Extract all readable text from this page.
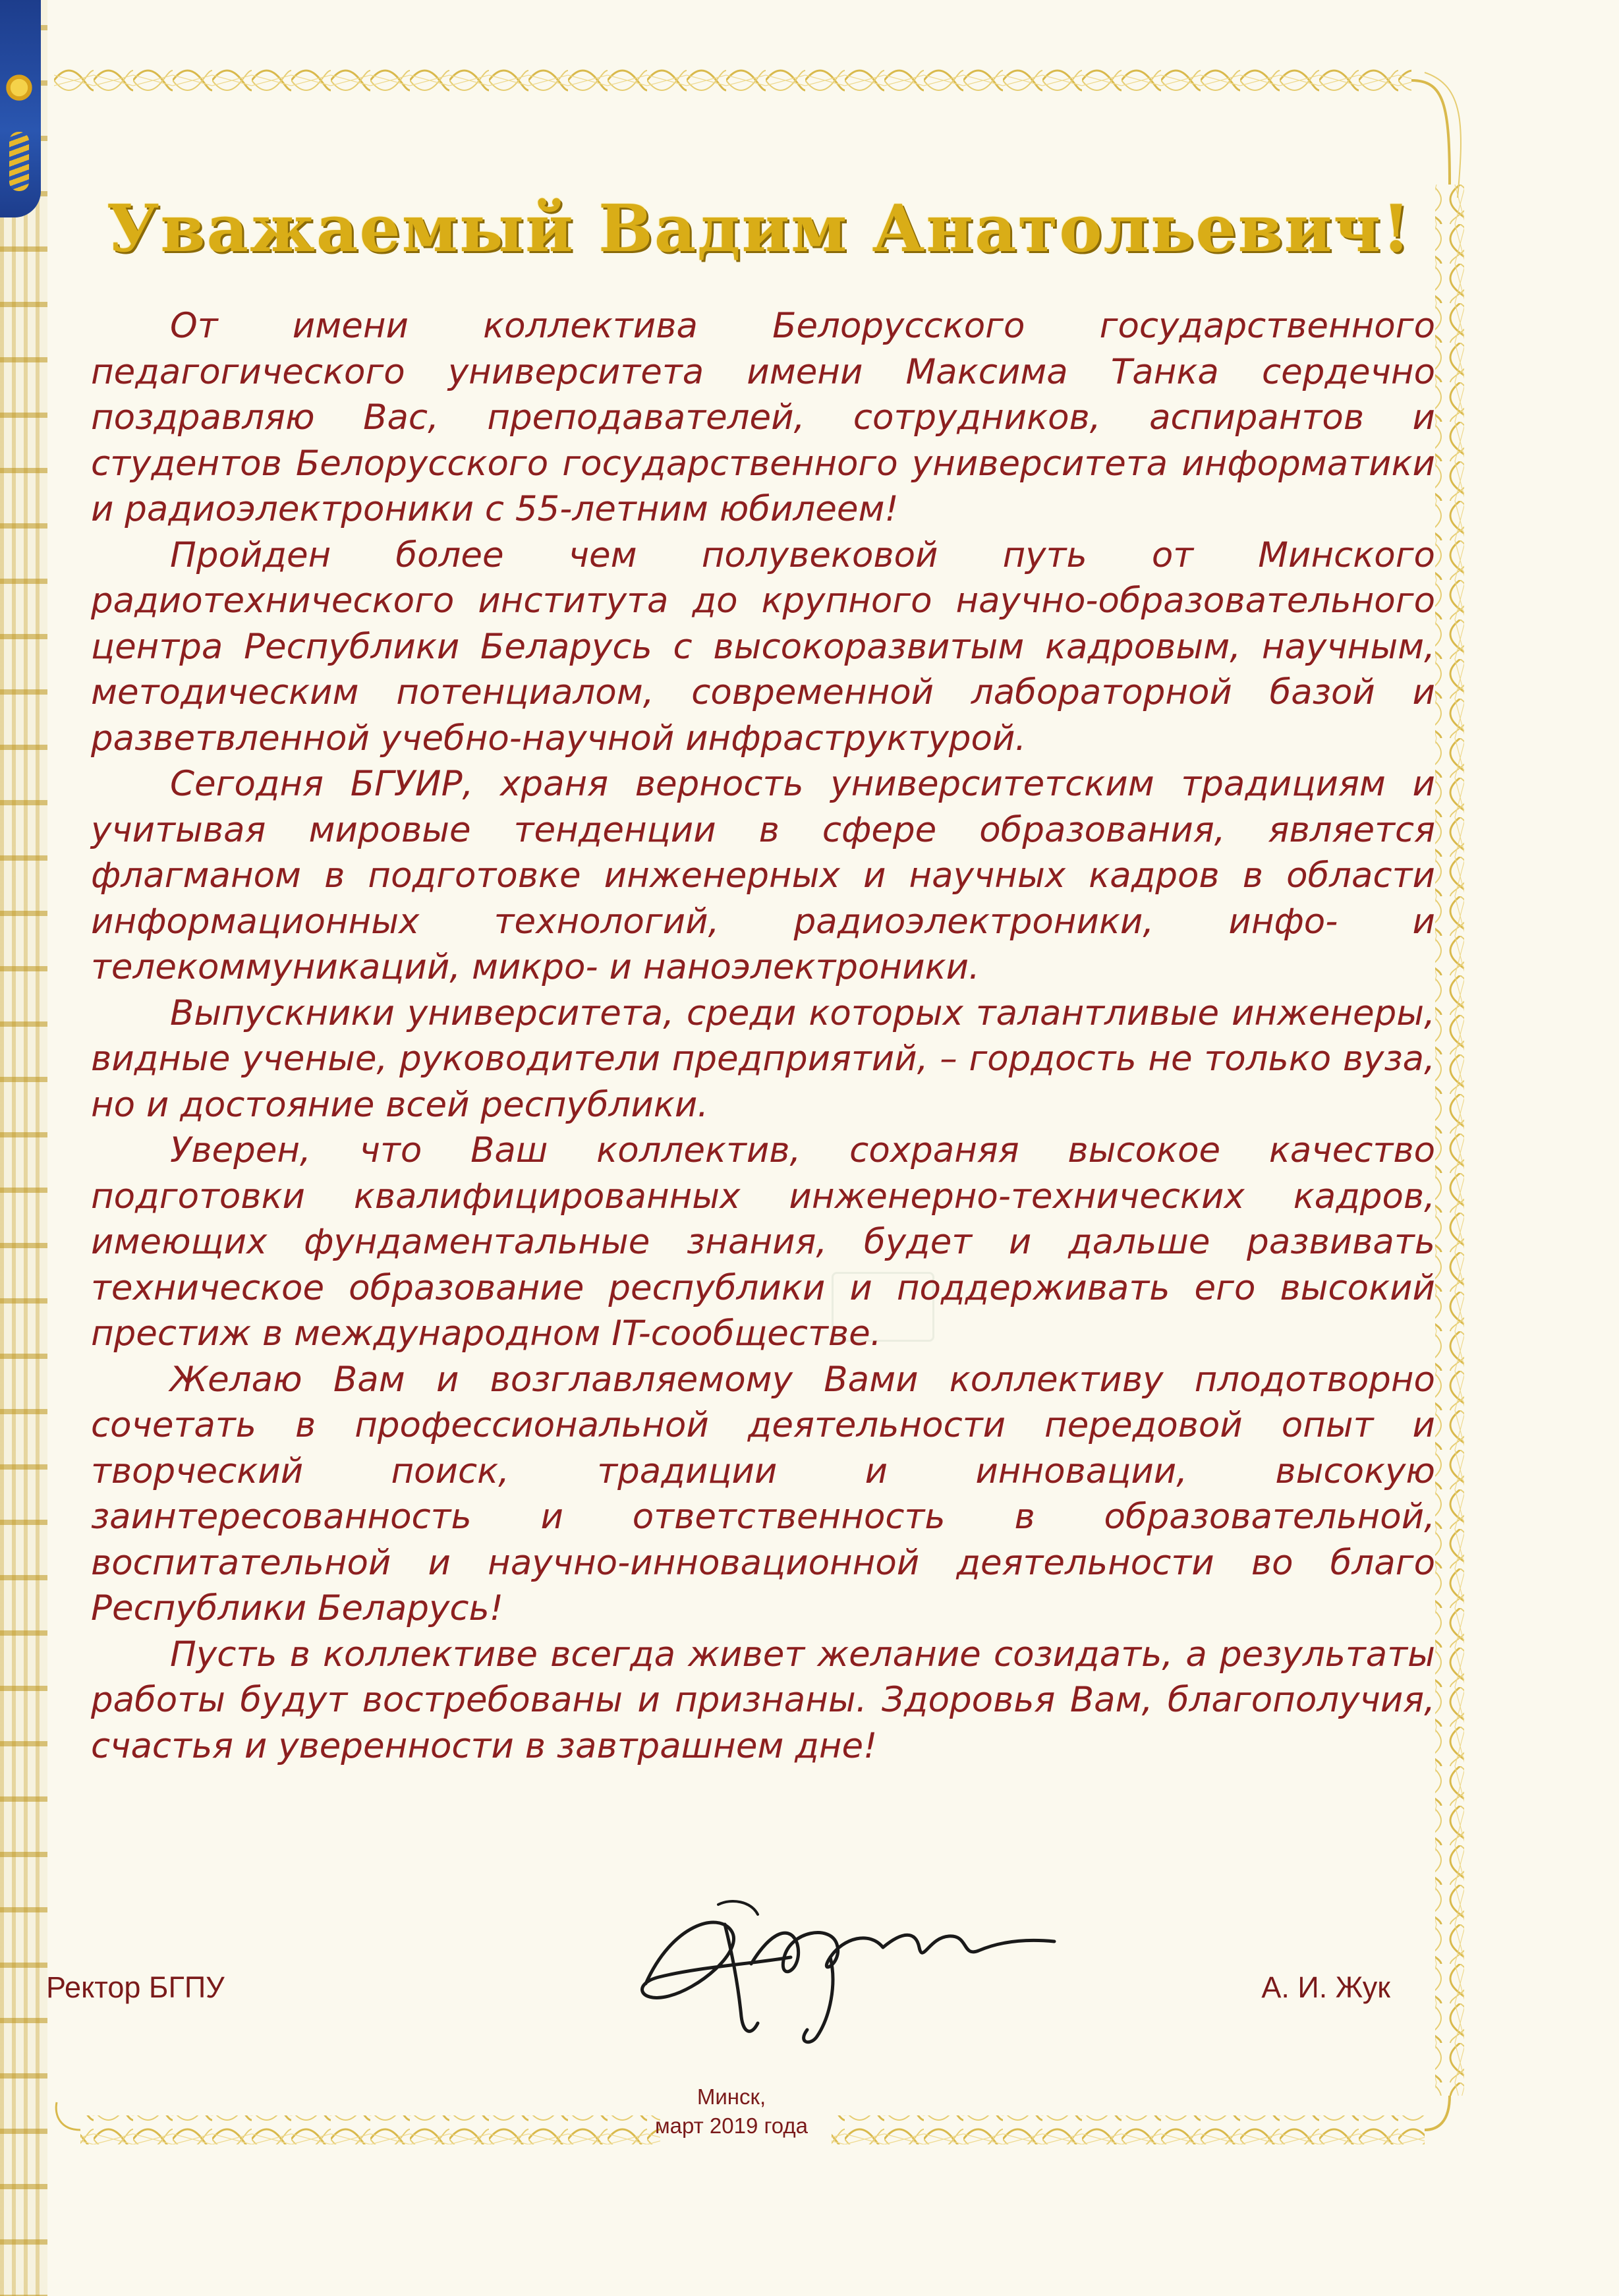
Уважаемый Вадим Анатольевич!

От имени коллектива Белорусского государственного педагогического университета имени Максима Танка сердечно поздравляю Вас, преподавателей, сотрудников, аспирантов и студентов Белорусского государственного университета информатики и радиоэлектроники с 55-летним юбилеем!

Пройден более чем полувековой путь от Минского радиотехнического института до крупного научно-образовательного центра Республики Беларусь с высокоразвитым кадровым, научным, методическим потенциалом, современной лабораторной базой и разветвленной учебно-научной инфраструктурой.

Сегодня БГУИР, храня верность университетским традициям и учитывая мировые тенденции в сфере образования, является флагманом в подготовке инженерных и научных кадров в области информационных технологий, радиоэлектроники, инфо- и телекоммуникаций, микро- и наноэлектроники.

Выпускники университета, среди которых талантливые инженеры, видные ученые, руководители предприятий, – гордость не только вуза, но и достояние всей республики.

Уверен, что Ваш коллектив, сохраняя высокое качество подготовки квалифицированных инженерно-технических кадров, имеющих фундаментальные знания, будет и дальше развивать техническое образование республики и поддерживать его высокий престиж в международном IT-сообществе.

Желаю Вам и возглавляемому Вами коллективу плодотворно сочетать в профессиональной деятельности передовой опыт и творческий поиск, традиции и инновации, высокую заинтересованность и ответственность в образовательной, воспитательной и научно-инновационной деятельности во благо Республики Беларусь!

Пусть в коллективе всегда живет желание созидать, а результаты работы будут востребованы и признаны. Здоровья Вам, благополучия, счастья и уверенности в завтрашнем дне!

Ректор БГПУ	А. И. Жук
Минск,
март 2019 года
